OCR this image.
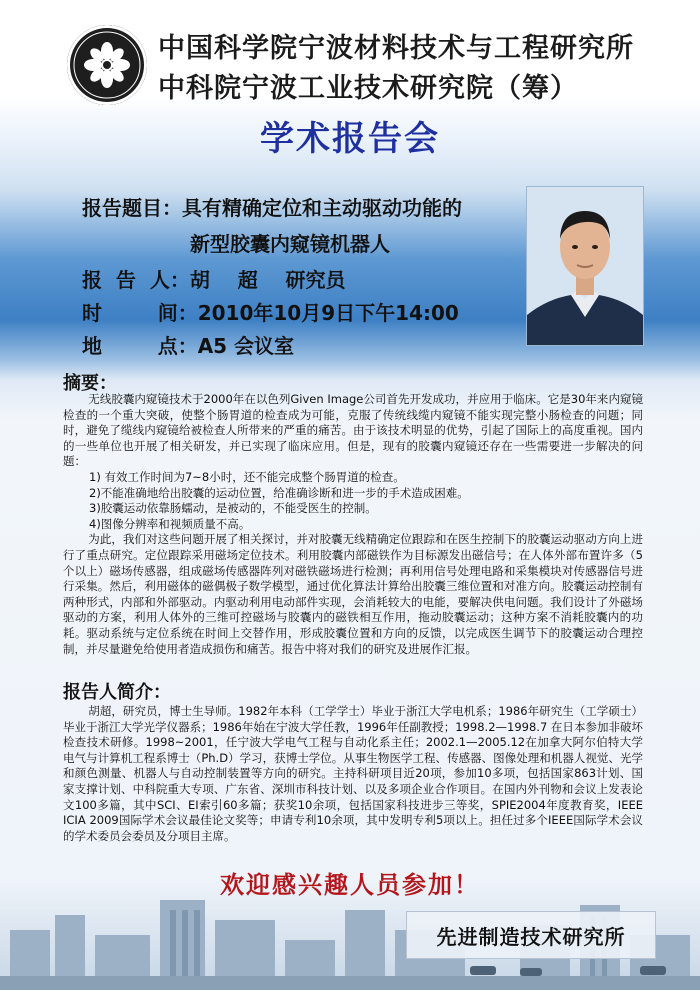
中国科学院宁波材料技术与工程研究所
中科院宁波工业技术研究院（筹）
学术报告会
报告题目：具有精确定位和主动驱动功能的
新型胶囊内窥镜机器人
报  告  人：胡    超    研究员
时        间：2010年10月9日下午14:00
地        点：A5 会议室
摘要：

无线胶囊内窥镜技术于2000年在以色列Given Image公司首先开发成功，并应用于临床。它是30年来内窥镜检查的一个重大突破，使整个肠胃道的检查成为可能，克服了传统线缆内窥镜不能实现完整小肠检查的问题；同时，避免了缆线内窥镜给被检查人所带来的严重的痛苦。由于该技术明显的优势，引起了国际上的高度重视。国内的一些单位也开展了相关研发，并已实现了临床应用。但是，现有的胶囊内窥镜还存在一些需要进一步解决的问题：

1) 有效工作时间为7~8小时，还不能完成整个肠胃道的检查。
2)不能准确地给出胶囊的运动位置，给准确诊断和进一步的手术造成困难。
3)胶囊运动依靠肠蠕动，是被动的，不能受医生的控制。
4)图像分辨率和视频质量不高。

为此，我们对这些问题开展了相关探讨，并对胶囊无线精确定位跟踪和在医生控制下的胶囊运动驱动方向上进行了重点研究。定位跟踪采用磁场定位技术。利用胶囊内部磁铁作为目标源发出磁信号；在人体外部布置许多（5个以上）磁场传感器，组成磁场传感器阵列对磁铁磁场进行检测；再利用信号处理电路和采集模块对传感器信号进行采集。然后，利用磁体的磁偶极子数学模型，通过优化算法计算给出胶囊三维位置和对准方向。胶囊运动控制有两种形式，内部和外部驱动。内驱动利用电动部件实现，会消耗较大的电能，要解决供电问题。我们设计了外磁场驱动的方案，利用人体外的三维可控磁场与胶囊内的磁铁相互作用，拖动胶囊运动；这种方案不消耗胶囊内的功耗。驱动系统与定位系统在时间上交替作用，形成胶囊位置和方向的反馈，以完成医生调节下的胶囊运动合理控制，并尽量避免给使用者造成损伤和痛苦。报告中将对我们的研究及进展作汇报。

报告人简介：

胡超，研究员，博士生导师。1982年本科（工学学士）毕业于浙江大学电机系；1986年研究生（工学硕士）毕业于浙江大学光学仪器系；1986年始在宁波大学任教，1996年任副教授；1998.2—1998.7 在日本参加非破坏检查技术研修。1998~2001，任宁波大学电气工程与自动化系主任；2002.1—2005.12在加拿大阿尔伯特大学电气与计算机工程系博士（Ph.D）学习，获博士学位。从事生物医学工程、传感器、图像处理和机器人视觉、光学和颜色测量、机器人与自动控制装置等方向的研究。主持科研项目近20项，参加10多项，包括国家863计划、国家支撑计划、中科院重大专项、广东省、深圳市科技计划、以及多项企业合作项目。在国内外刊物和会议上发表论文100多篇，其中SCI、EI索引60多篇；获奖10余项，包括国家科技进步三等奖，SPIE2004年度教育奖，IEEE ICIA 2009国际学术会议最佳论文奖等；申请专利10余项，其中发明专利5项以上。担任过多个IEEE国际学术会议的学术委员会委员及分项目主席。

欢迎感兴趣人员参加！

先进制造技术研究所
